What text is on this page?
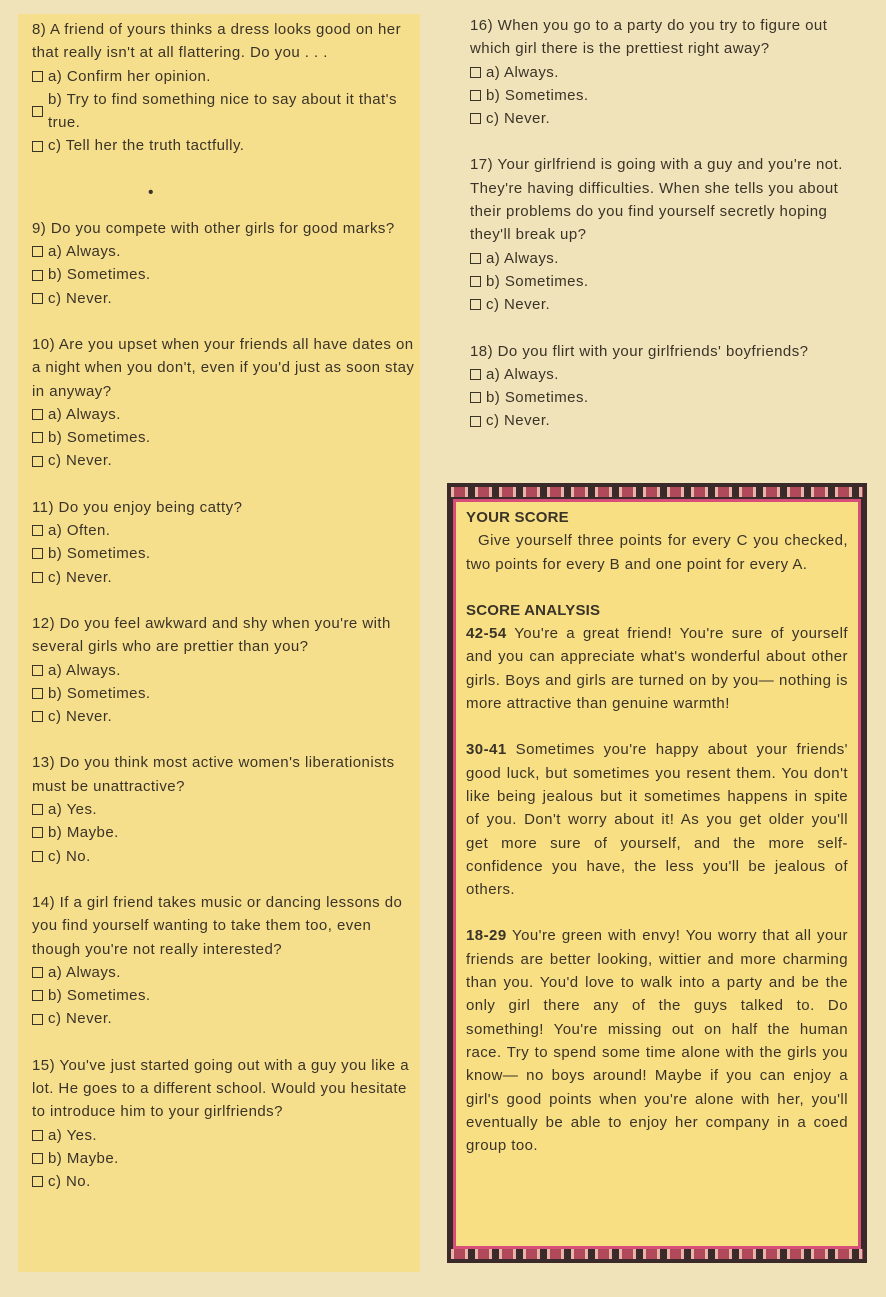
8) A friend of yours thinks a dress looks good on her that really isn't at all flattering. Do you . . .
a) Confirm her opinion.
b) Try to find something nice to say about it that's true.
c) Tell her the truth tactfully.
•
9) Do you compete with other girls for good marks?
a) Always.
b) Sometimes.
c) Never.
10) Are you upset when your friends all have dates on a night when you don't, even if you'd just as soon stay in anyway?
a) Always.
b) Sometimes.
c) Never.
11) Do you enjoy being catty?
a) Often.
b) Sometimes.
c) Never.
12) Do you feel awkward and shy when you're with several girls who are prettier than you?
a) Always.
b) Sometimes.
c) Never.
13) Do you think most active women's liberationists must be unattractive?
a) Yes.
b) Maybe.
c) No.
14) If a girl friend takes music or dancing lessons do you find yourself wanting to take them too, even though you're not really interested?
a) Always.
b) Sometimes.
c) Never.
15) You've just started going out with a guy you like a lot. He goes to a different school. Would you hesitate to introduce him to your girlfriends?
a) Yes.
b) Maybe.
c) No.
16) When you go to a party do you try to figure out which girl there is the prettiest right away?
a) Always.
b) Sometimes.
c) Never.
17) Your girlfriend is going with a guy and you're not. They're having difficulties. When she tells you about their problems do you find yourself secretly hoping they'll break up?
a) Always.
b) Sometimes.
c) Never.
18) Do you flirt with your girlfriends' boyfriends?
a) Always.
b) Sometimes.
c) Never.
YOUR SCORE
Give yourself three points for every C you checked, two points for every B and one point for every A.
SCORE ANALYSIS
42-54 You're a great friend! You're sure of yourself and you can appreciate what's wonderful about other girls. Boys and girls are turned on by you— nothing is more attractive than genuine warmth!
30-41 Sometimes you're happy about your friends' good luck, but sometimes you resent them. You don't like being jealous but it sometimes happens in spite of you. Don't worry about it! As you get older you'll get more sure of yourself, and the more self-confidence you have, the less you'll be jealous of others.
18-29 You're green with envy! You worry that all your friends are better looking, wittier and more charming than you. You'd love to walk into a party and be the only girl there any of the guys talked to. Do something! You're missing out on half the human race. Try to spend some time alone with the girls you know— no boys around! Maybe if you can enjoy a girl's good points when you're alone with her, you'll eventually be able to enjoy her company in a coed group too.
